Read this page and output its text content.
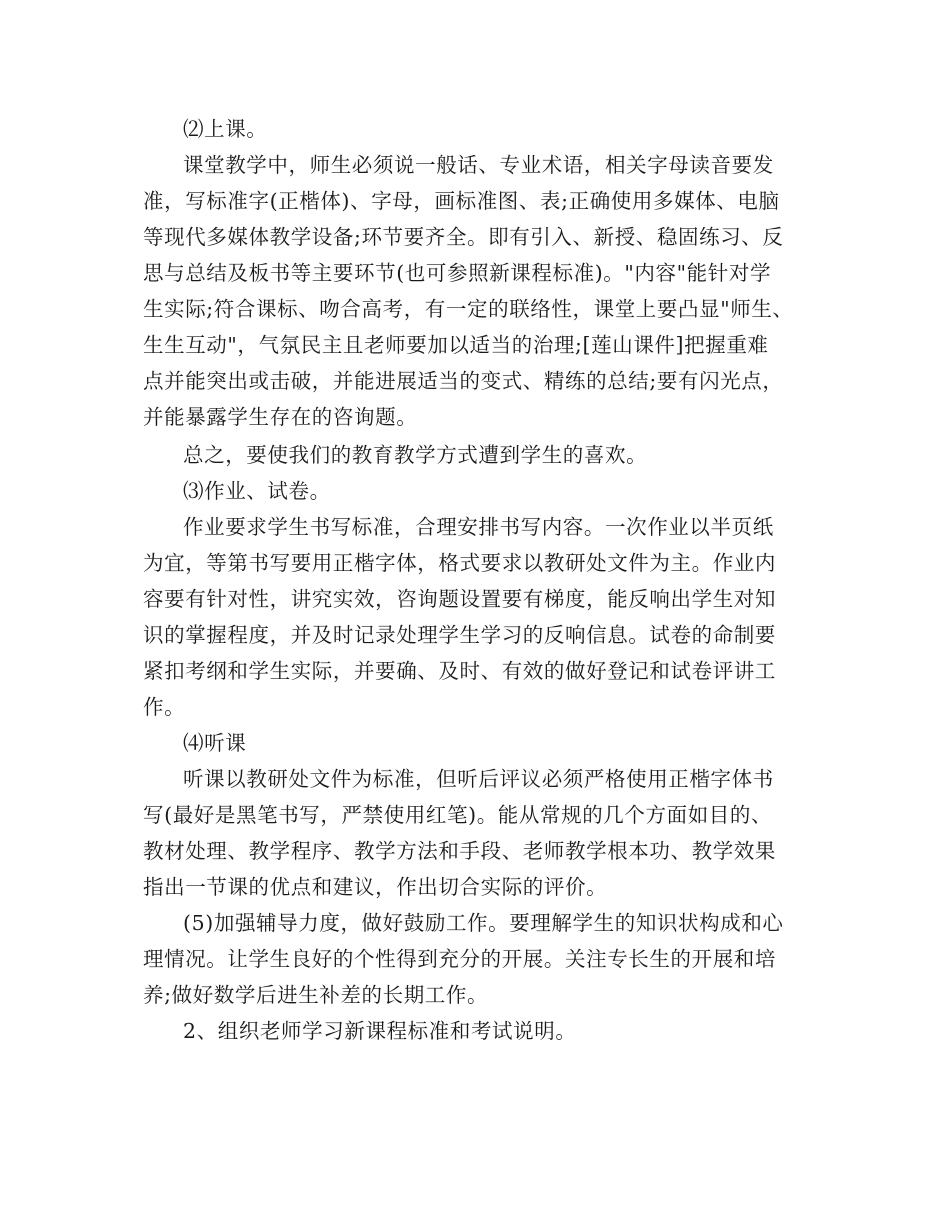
⑵上课。
课堂教学中，师生必须说一般话、专业术语，相关字母读音要发
准，写标准字(正楷体)、字母，画标准图、表;正确使用多媒体、电脑
等现代多媒体教学设备;环节要齐全。即有引入、新授、稳固练习、反
思与总结及板书等主要环节(也可参照新课程标准)。"内容"能针对学
生实际;符合课标、吻合高考，有一定的联络性，课堂上要凸显"师生、
生生互动"，气氛民主且老师要加以适当的治理;[莲山课件]把握重难
点并能突出或击破，并能进展适当的变式、精练的总结;要有闪光点，
并能暴露学生存在的咨询题。
总之，要使我们的教育教学方式遭到学生的喜欢。
⑶作业、试卷。
作业要求学生书写标准，合理安排书写内容。一次作业以半页纸
为宜，等第书写要用正楷字体，格式要求以教研处文件为主。作业内
容要有针对性，讲究实效，咨询题设置要有梯度，能反响出学生对知
识的掌握程度，并及时记录处理学生学习的反响信息。试卷的命制要
紧扣考纲和学生实际，并要确、及时、有效的做好登记和试卷评讲工
作。
⑷听课
听课以教研处文件为标准，但听后评议必须严格使用正楷字体书
写(最好是黑笔书写，严禁使用红笔)。能从常规的几个方面如目的、
教材处理、教学程序、教学方法和手段、老师教学根本功、教学效果
指出一节课的优点和建议，作出切合实际的评价。
(5)加强辅导力度，做好鼓励工作。要理解学生的知识状构成和心
理情况。让学生良好的个性得到充分的开展。关注专长生的开展和培
养;做好数学后进生补差的长期工作。
2、组织老师学习新课程标准和考试说明。
